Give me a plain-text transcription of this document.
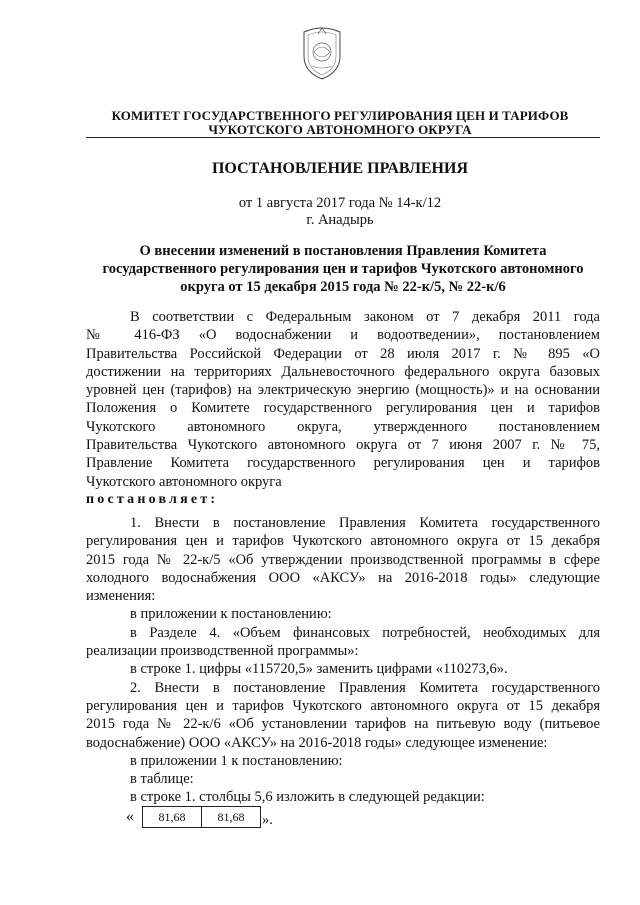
КОМИТЕТ ГОСУДАРСТВЕННОГО РЕГУЛИРОВАНИЯ ЦЕН И ТАРИФОВ
ЧУКОТСКОГО АВТОНОМНОГО ОКРУГА
ПОСТАНОВЛЕНИЕ ПРАВЛЕНИЯ
от 1 августа 2017 года № 14-к/12
г. Анадырь
О внесении изменений в постановления Правления Комитета
государственного регулирования цен и тарифов Чукотского автономного
округа от 15 декабря 2015 года № 22-к/5, № 22-к/6
В соответствии с Федеральным законом от 7 декабря 2011 года
№ 416-ФЗ «О водоснабжении и водоотведении», постановлением
Правительства Российской Федерации от 28 июля 2017 г. № 895 «О
достижении на территориях Дальневосточного федерального округа базовых
уровней цен (тарифов) на электрическую энергию (мощность)» и на основании
Положения о Комитете государственного регулирования цен и тарифов
Чукотского автономного округа, утвержденного постановлением
Правительства Чукотского автономного округа от 7 июня 2007 г. № 75,
Правление Комитета государственного регулирования цен и тарифов
Чукотского автономного округа
постановляет:
1. Внести в постановление Правления Комитета государственного
регулирования цен и тарифов Чукотского автономного округа от 15 декабря
2015 года № 22-к/5 «Об утверждении производственной программы в сфере
холодного водоснабжения ООО «АКСУ» на 2016-2018 годы» следующие
изменения:
в приложении к постановлению:
в Разделе 4. «Объем финансовых потребностей, необходимых для
реализации производственной программы»:
в строке 1. цифры «115720,5» заменить цифрами «110273,6».
2. Внести в постановление Правления Комитета государственного
регулирования цен и тарифов Чукотского автономного округа от 15 декабря
2015 года № 22-к/6 «Об установлении тарифов на питьевую воду (питьевое
водоснабжение) ООО «АКСУ» на 2016-2018 годы» следующее изменение:
в приложении 1 к постановлению:
в таблице:
в строке 1. столбцы 5,6 изложить в следующей редакции:
«	81,68	81,68	».
